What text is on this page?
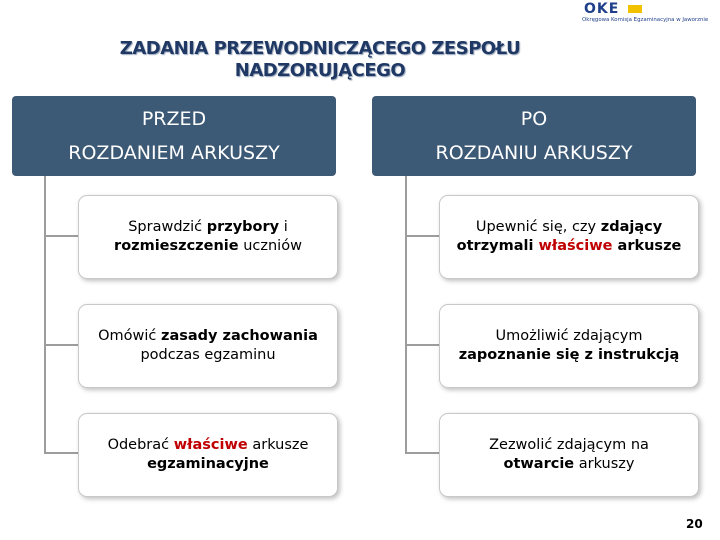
ZADANIA PRZEWODNICZĄCEGO ZESPOŁU
NADZORUJĄCEGO
OKE
Okręgowa Komisja Egzaminacyjna w Jaworznie
PRZED
ROZDANIEM ARKUSZY
PO
ROZDANIU ARKUSZY
Sprawdzić przybory i
rozmieszczenie uczniów
Omówić zasady zachowania
podczas egzaminu
Odebrać właściwe arkusze
egzaminacyjne
Upewnić się, czy zdający
otrzymali właściwe arkusze
Umożliwić zdającym
zapoznanie się z instrukcją
Zezwolić zdającym na
otwarcie arkuszy
20
